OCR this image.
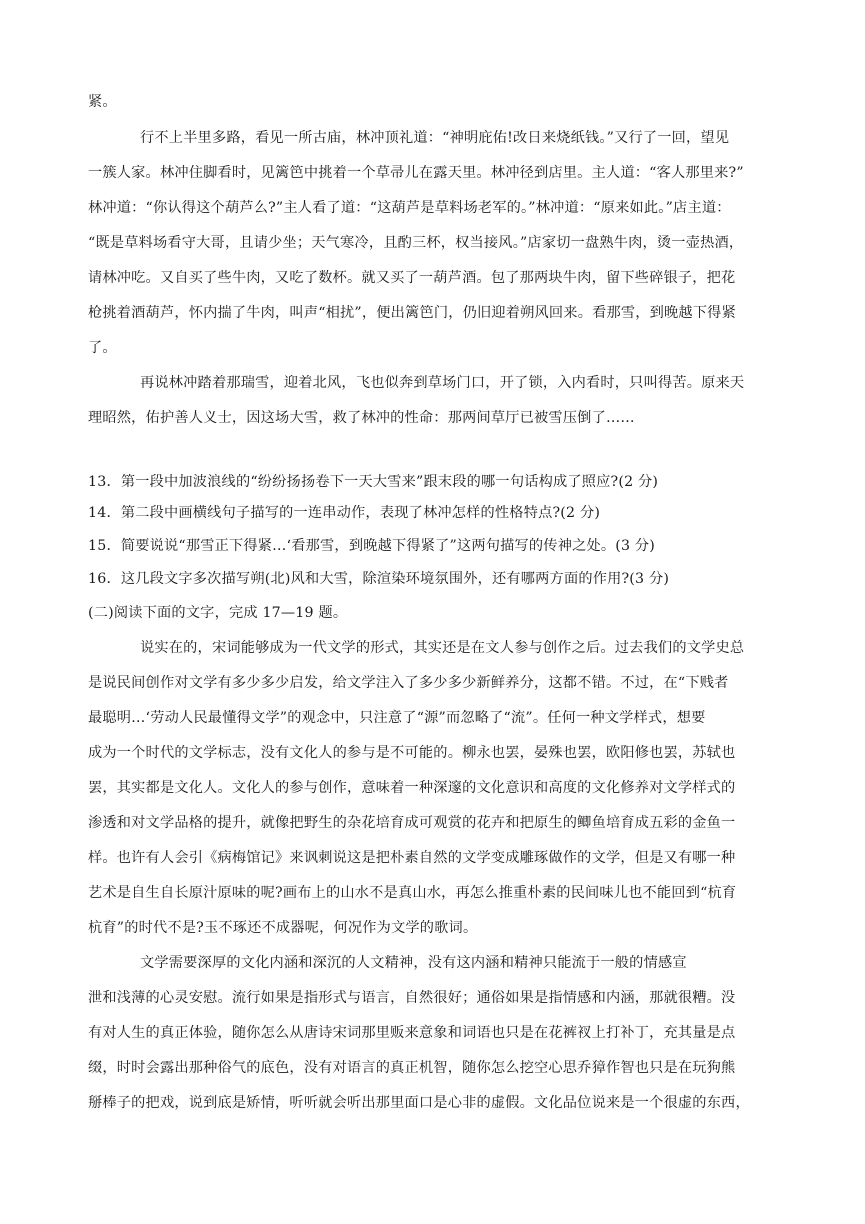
紧。
行不上半里多路，看见一所古庙，林冲顶礼道：“神明庇佑!改日来烧纸钱。”又行了一回，望见
一簇人家。林冲住脚看时，见篱笆中挑着一个草帚儿在露天里。林冲径到店里。主人道：“客人那里来?”
林冲道：“你认得这个葫芦么?”主人看了道：“这葫芦是草料场老军的。”林冲道：“原来如此。”店主道：
“既是草料场看守大哥，且请少坐；天气寒冷，且酌三杯，权当接风。”店家切一盘熟牛肉，烫一壶热酒，
请林冲吃。又自买了些牛肉，又吃了数杯。就又买了一葫芦酒。包了那两块牛肉，留下些碎银子，把花
枪挑着酒葫芦，怀内揣了牛肉，叫声“相扰”，便出篱笆门，仍旧迎着朔风回来。看那雪，到晚越下得紧
了。
再说林冲踏着那瑞雪，迎着北风，飞也似奔到草场门口，开了锁，入内看时，只叫得苦。原来天
理昭然，佑护善人义士，因这场大雪，救了林冲的性命：那两间草厅已被雪压倒了……
13．第一段中加波浪线的“纷纷扬扬卷下一天大雪来”跟末段的哪一句话构成了照应?(2 分)
14．第二段中画横线句子描写的一连串动作，表现了林冲怎样的性格特点?(2 分)
15．简要说说“那雪正下得紧…‘看那雪，到晚越下得紧了”这两句描写的传神之处。(3 分)
16．这几段文字多次描写朔(北)风和大雪，除渲染环境氛围外，还有哪两方面的作用?(3 分)
(二)阅读下面的文字，完成 17—19 题。
说实在的，宋词能够成为一代文学的形式，其实还是在文人参与创作之后。过去我们的文学史总
是说民间创作对文学有多少多少启发，给文学注入了多少多少新鲜养分，这都不错。不过，在“下贱者
最聪明…‘劳动人民最懂得文学”的观念中，只注意了“源”而忽略了“流”。任何一种文学样式，想要
成为一个时代的文学标志，没有文化人的参与是不可能的。柳永也罢，晏殊也罢，欧阳修也罢，苏轼也
罢，其实都是文化人。文化人的参与创作，意味着一种深邃的文化意识和高度的文化修养对文学样式的
渗透和对文学品格的提升，就像把野生的杂花培育成可观赏的花卉和把原生的鲫鱼培育成五彩的金鱼一
样。也许有人会引《病梅馆记》来讽刺说这是把朴素自然的文学变成雕琢做作的文学，但是又有哪一种
艺术是自生自长原汁原味的呢?画布上的山水不是真山水，再怎么推重朴素的民间味儿也不能回到“杭育
杭育”的时代不是?玉不琢还不成器呢，何况作为文学的歌词。
文学需要深厚的文化内涵和深沉的人文精神，没有这内涵和精神只能流于一般的情感宣
泄和浅薄的心灵安慰。流行如果是指形式与语言，自然很好；通俗如果是指情感和内涵，那就很糟。没
有对人生的真正体验，随你怎么从唐诗宋词那里贩来意象和词语也只是在花裤衩上打补丁，充其量是点
缀，时时会露出那种俗气的底色，没有对语言的真正机智，随你怎么挖空心思乔獐作智也只是在玩狗熊
掰棒子的把戏，说到底是矫情，听听就会听出那里面口是心非的虚假。文化品位说来是一个很虚的东西，
